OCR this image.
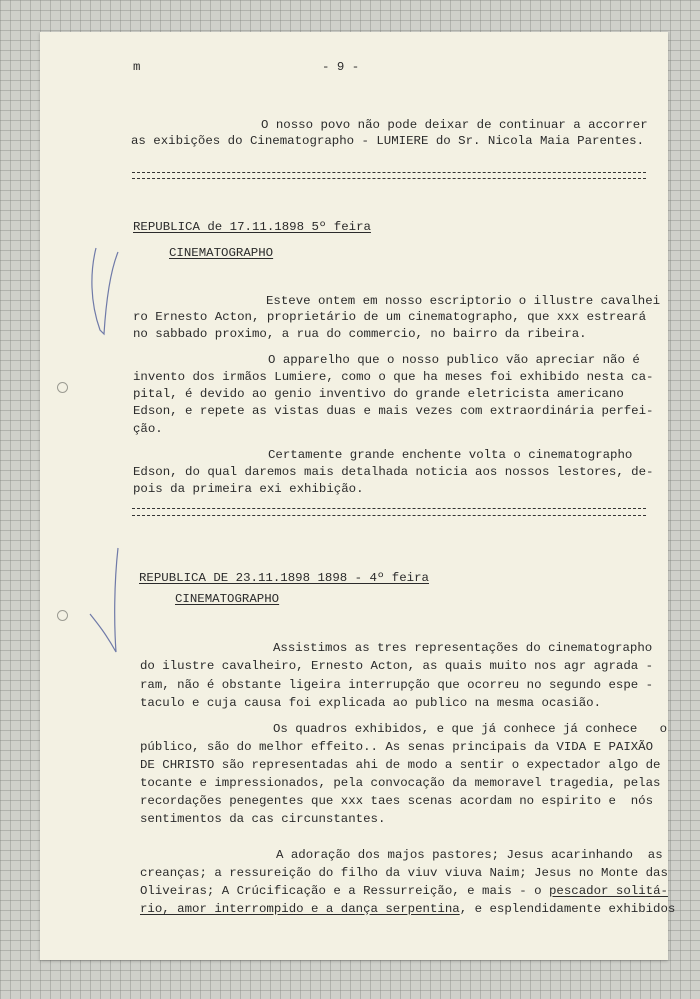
m	- 9 -
O nosso povo não pode deixar de continuar a accorrer
as exibições do Cinematographo - LUMIERE do Sr. Nicola Maia Parentes.
REPUBLICA de 17.11.1898 5º feira
CINEMATOGRAPHO
Esteve ontem em nosso escriptorio o illustre cavalhei
ro Ernesto Acton, proprietário de um cinematographo, que xxx estreará
no sabbado proximo, a rua do commercio, no bairro da ribeira.
O apparelho que o nosso publico vão apreciar não é
invento dos irmãos Lumiere, como o que ha meses foi exhibido nesta ca-
pital, é devido ao genio inventivo do grande eletricista americano
Edson, e repete as vistas duas e mais vezes com extraordinária perfei-
ção.
Certamente grande enchente volta o cinematographo
Edson, do qual daremos mais detalhada noticia aos nossos lestores, de-
pois da primeira exi exhibição.
REPUBLICA DE 23.11.1898 1898 - 4º feira
CINEMATOGRAPHO
Assistimos as tres representações do cinematographo
do ilustre cavalheiro, Ernesto Acton, as quais muito nos agr agrada -
ram, não é obstante ligeira interrupção que ocorreu no segundo espe -
taculo e cuja causa foi explicada ao publico na mesma ocasião.
Os quadros exhibidos, e que já conhece já conhece   o
público, são do melhor effeito.. As senas principais da VIDA E PAIXÃO
DE CHRISTO são representadas ahi de modo a sentir o expectador algo de
tocante e impressionados, pela convocação da memoravel tragedia, pelas
recordações penegentes que xxx taes scenas acordam no espirito e  nós
sentimentos da cas circunstantes.
A adoração dos majos pastores; Jesus acarinhando  as
creanças; a ressureição do filho da viuv viuva Naim; Jesus no Monte das
Oliveiras; A Crúcificação e a Ressurreição, e mais - o pescador solitá-
rio, amor interrompido e a dança serpentina, e esplendidamente exhibidos
